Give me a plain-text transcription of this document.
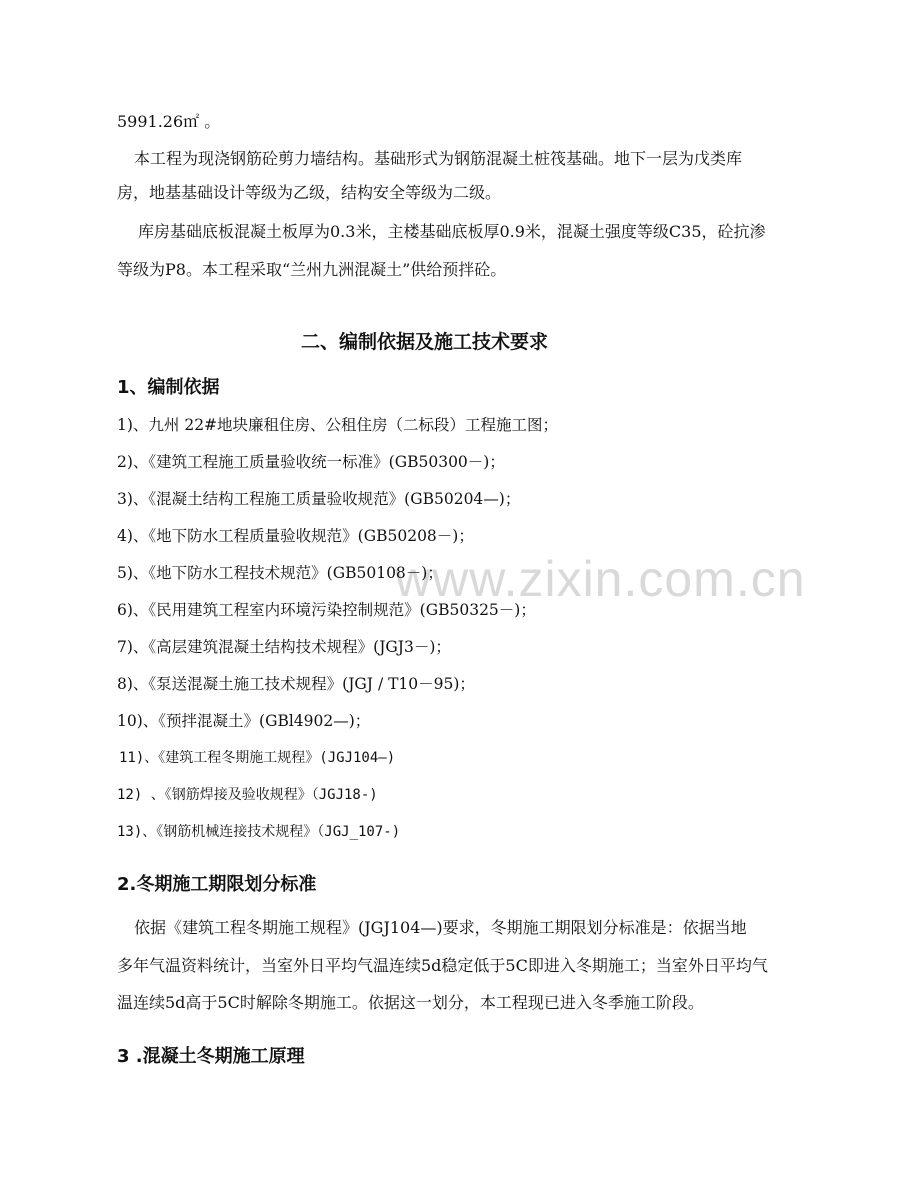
www.zixin.com.cn
5991.26㎡ 。
本工程为现浇钢筋砼剪力墙结构。基础形式为钢筋混凝土桩筏基础。地下一层为戊类库
房，地基基础设计等级为乙级，结构安全等级为二级。
库房基础底板混凝土板厚为0.3米，主楼基础底板厚0.9米，混凝土强度等级C35，砼抗渗
等级为P8。本工程采取“兰州九洲混凝土”供给预拌砼。
二、编制依据及施工技术要求
1、编制依据
1)、九州 22#地块廉租住房、公租住房（二标段）工程施工图；
2)、《建筑工程施工质量验收统一标准》(GB50300－)；
3)、《混凝土结构工程施工质量验收规范》(GB50204—)；
4)、《地下防水工程质量验收规范》(GB50208－)；
5)、《地下防水工程技术规范》(GB50108－)；
6)、《民用建筑工程室内环境污染控制规范》(GB50325－)；
7)、《高层建筑混凝土结构技术规程》(JGJ3－)；
8)、《泵送混凝土施工技术规程》(JGJ / T10－95)；
10)、《预拌混凝土》(GBl4902—)；
11)、《建筑工程冬期施工规程》(JGJ104—)
12) 、《钢筋焊接及验收规程》（JGJ18-)
13)、《钢筋机械连接技术规程》（JGJ_107-)
2.冬期施工期限划分标准
依据《建筑工程冬期施工规程》(JGJ104—)要求，冬期施工期限划分标准是：依据当地
多年气温资料统计，当室外日平均气温连续5d稳定低于5C即进入冬期施工；当室外日平均气
温连续5d高于5C时解除冬期施工。依据这一划分，本工程现已进入冬季施工阶段。
3 .混凝土冬期施工原理
